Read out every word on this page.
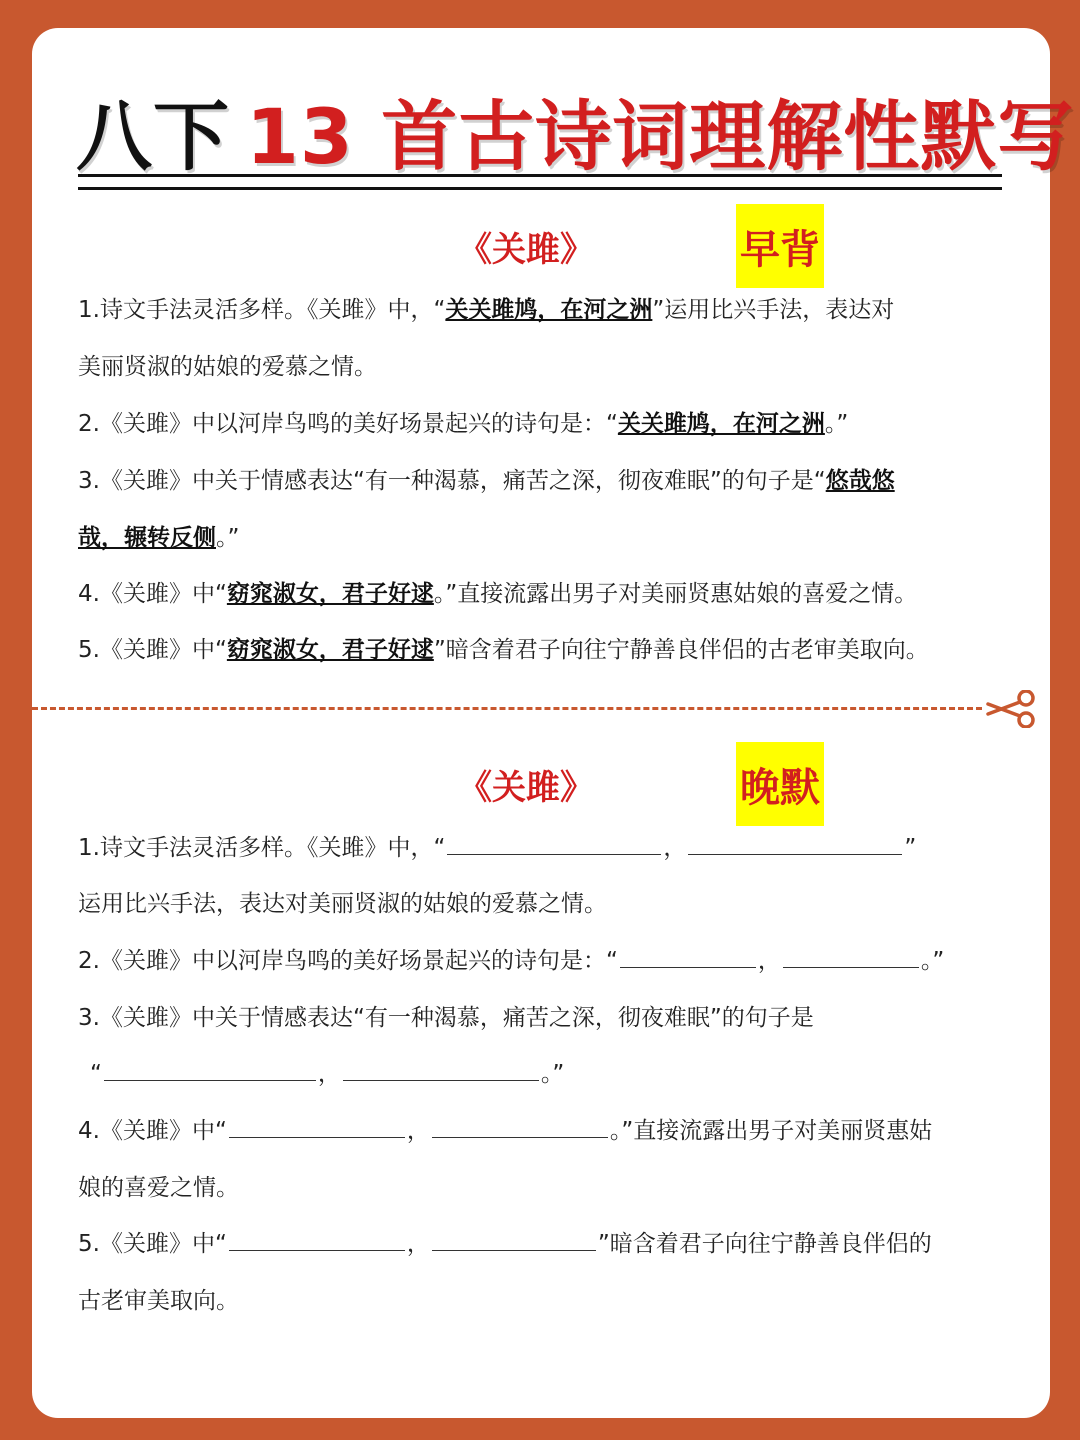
八下 13 首古诗词理解性默写
《关雎》	早背
1.诗文手法灵活多样。《关雎》中，“关关雎鸠，在河之洲”运用比兴手法，表达对
美丽贤淑的姑娘的爱慕之情。
2.《关雎》中以河岸鸟鸣的美好场景起兴的诗句是：“关关雎鸠，在河之洲。”
3.《关雎》中关于情感表达“有一种渴慕，痛苦之深，彻夜难眠”的句子是“悠哉悠
哉，辗转反侧。”
4.《关雎》中“窈窕淑女，君子好逑。”直接流露出男子对美丽贤惠姑娘的喜爱之情。
5.《关雎》中“窈窕淑女，君子好逑”暗含着君子向往宁静善良伴侣的古老审美取向。
《关雎》	晚默
1.诗文手法灵活多样。《关雎》中，“	，	”
运用比兴手法，表达对美丽贤淑的姑娘的爱慕之情。
2.《关雎》中以河岸鸟鸣的美好场景起兴的诗句是：“	，	。”
3.《关雎》中关于情感表达“有一种渴慕，痛苦之深，彻夜难眠”的句子是
“	，	。”
4.《关雎》中“	，	。”直接流露出男子对美丽贤惠姑
娘的喜爱之情。
5.《关雎》中“	，	”暗含着君子向往宁静善良伴侣的
古老审美取向。
